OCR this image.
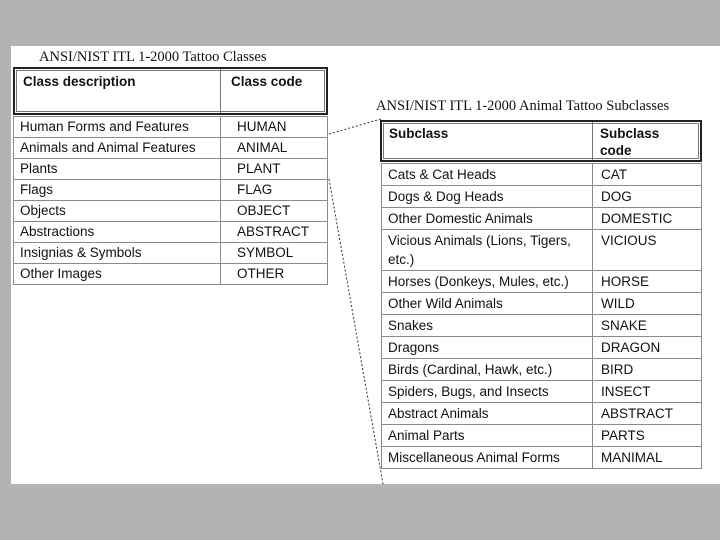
ANSI/NIST ITL 1-2000 Tattoo Classes
Class description	Class code
Human Forms and Features	HUMAN
Animals and Animal Features	ANIMAL
Plants	PLANT
Flags	FLAG
Objects	OBJECT
Abstractions	ABSTRACT
Insignias & Symbols	SYMBOL
Other Images	OTHER
ANSI/NIST ITL 1-2000 Animal Tattoo Subclasses
Subclass	Subclass code
Cats & Cat Heads	CAT
Dogs & Dog Heads	DOG
Other Domestic Animals	DOMESTIC
Vicious Animals (Lions, Tigers, etc.)	VICIOUS
Horses (Donkeys, Mules, etc.)	HORSE
Other Wild Animals	WILD
Snakes	SNAKE
Dragons	DRAGON
Birds (Cardinal, Hawk, etc.)	BIRD
Spiders, Bugs, and Insects	INSECT
Abstract Animals	ABSTRACT
Animal Parts	PARTS
Miscellaneous Animal Forms	MANIMAL
